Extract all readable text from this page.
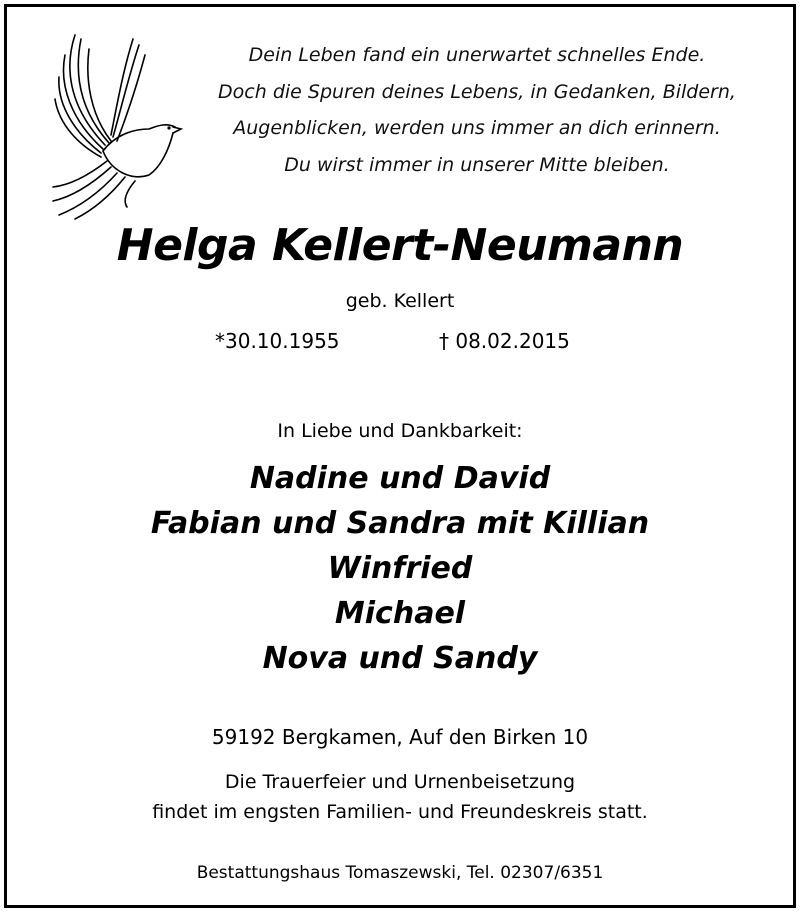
Dein Leben fand ein unerwartet schnelles Ende.
Doch die Spuren deines Lebens, in Gedanken, Bildern,
Augenblicken, werden uns immer an dich erinnern.
Du wirst immer in unserer Mitte bleiben.
Helga Kellert-Neumann
geb. Kellert
*30.10.1955	† 08.02.2015
In Liebe und Dankbarkeit:
Nadine und David
Fabian und Sandra mit Killian
Winfried
Michael
Nova und Sandy
59192 Bergkamen, Auf den Birken 10
Die Trauerfeier und Urnenbeisetzung
findet im engsten Familien- und Freundeskreis statt.
Bestattungshaus Tomaszewski, Tel. 02307/6351
